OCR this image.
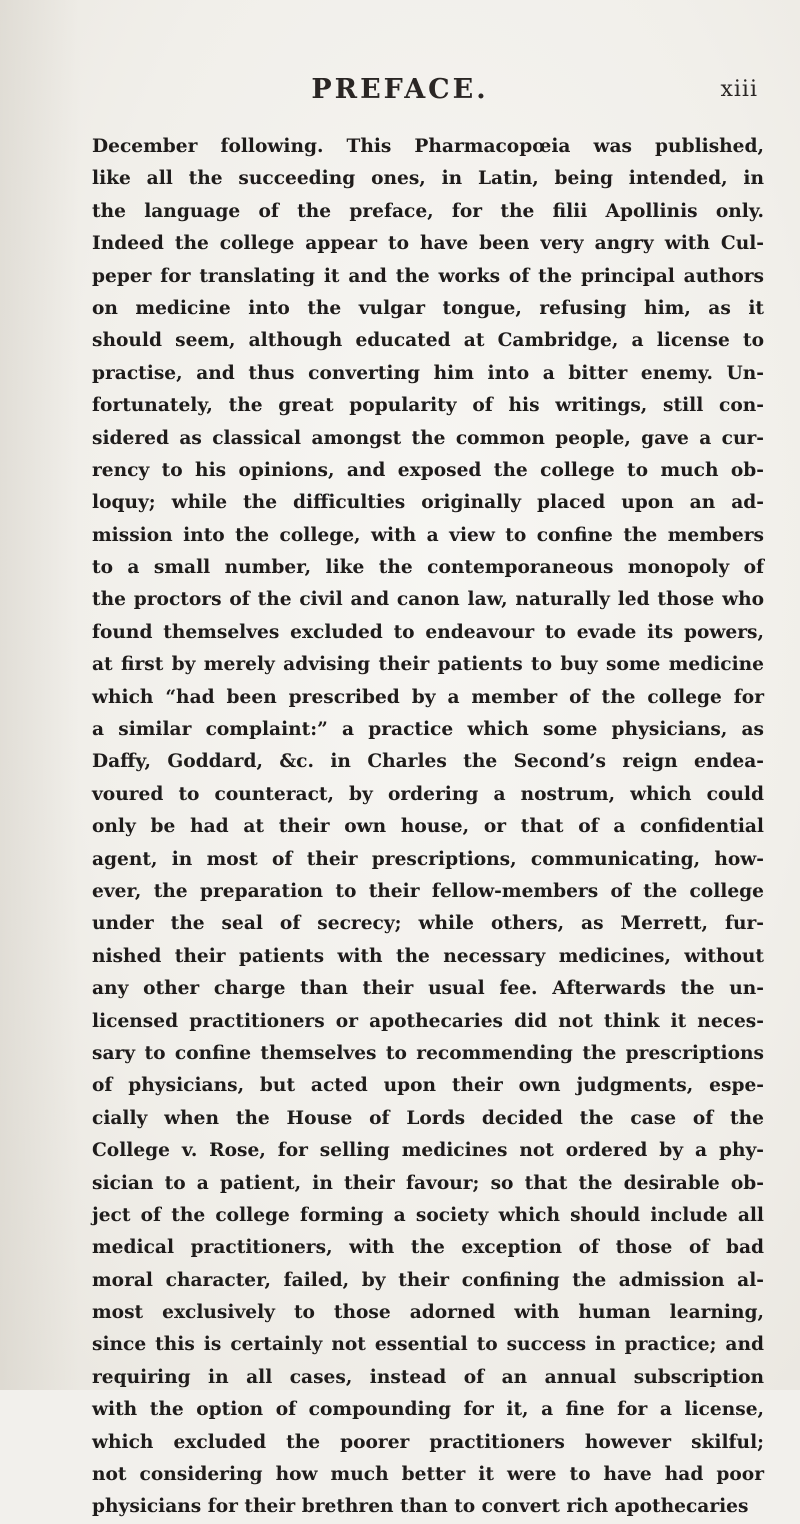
PREFACE.	xiii
December following. This Pharmacopœia was published,
like all the succeeding ones, in Latin, being intended, in
the language of the preface, for the filii Apollinis only.
Indeed the college appear to have been very angry with Cul-
peper for translating it and the works of the principal authors
on medicine into the vulgar tongue, refusing him, as it
should seem, although educated at Cambridge, a license to
practise, and thus converting him into a bitter enemy. Un-
fortunately, the great popularity of his writings, still con-
sidered as classical amongst the common people, gave a cur-
rency to his opinions, and exposed the college to much ob-
loquy; while the difficulties originally placed upon an ad-
mission into the college, with a view to confine the members
to a small number, like the contemporaneous monopoly of
the proctors of the civil and canon law, naturally led those who
found themselves excluded to endeavour to evade its powers,
at first by merely advising their patients to buy some medicine
which “had been prescribed by a member of the college for
a similar complaint:” a practice which some physicians, as
Daffy, Goddard, &c. in Charles the Second’s reign endea-
voured to counteract, by ordering a nostrum, which could
only be had at their own house, or that of a confidential
agent, in most of their prescriptions, communicating, how-
ever, the preparation to their fellow-members of the college
under the seal of secrecy; while others, as Merrett, fur-
nished their patients with the necessary medicines, without
any other charge than their usual fee. Afterwards the un-
licensed practitioners or apothecaries did not think it neces-
sary to confine themselves to recommending the prescriptions
of physicians, but acted upon their own judgments, espe-
cially when the House of Lords decided the case of the
College v. Rose, for selling medicines not ordered by a phy-
sician to a patient, in their favour; so that the desirable ob-
ject of the college forming a society which should include all
medical practitioners, with the exception of those of bad
moral character, failed, by their confining the admission al-
most exclusively to those adorned with human learning,
since this is certainly not essential to success in practice; and
requiring in all cases, instead of an annual subscription
with the option of compounding for it, a fine for a license,
which excluded the poorer practitioners however skilful;
not considering how much better it were to have had poor
physicians for their brethren than to convert rich apothecaries
